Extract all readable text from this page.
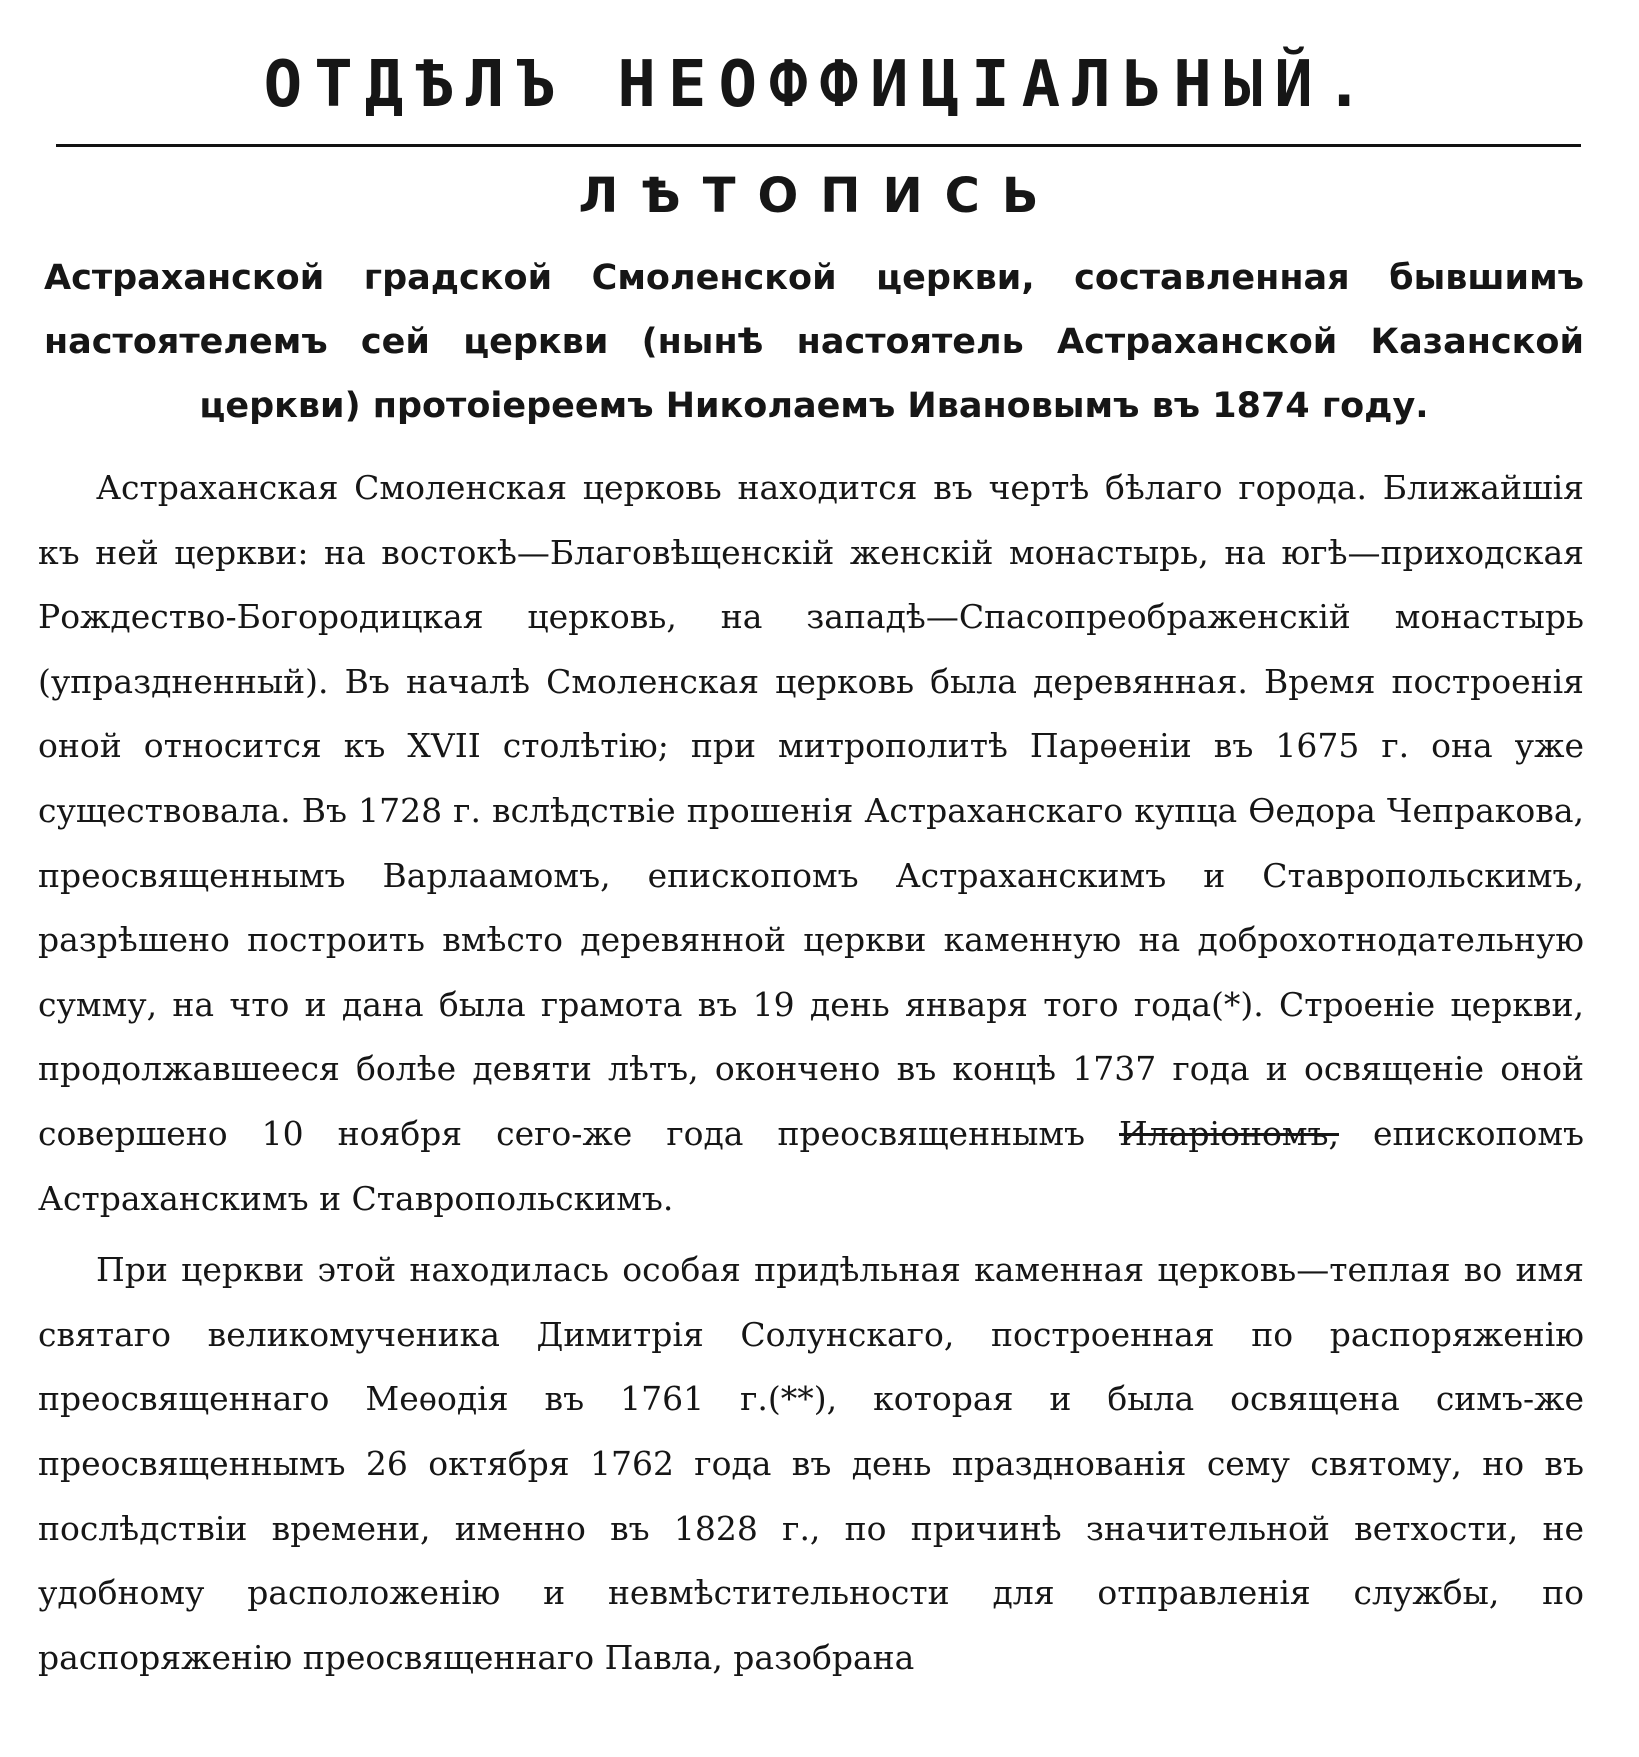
ОТДѢЛЪ НЕОФФИЦІАЛЬНЫЙ.
ЛѢТОПИСЬ

Астраханской градской Смоленской церкви, составленная бывшимъ настоятелемъ сей церкви (нынѣ настоятель Астраханской Казанской церкви) протоіереемъ Николаемъ Ивановымъ въ 1874 году.

Астраханская Смоленская церковь находится въ чертѣ бѣлаго города. Ближайшія къ ней церкви: на востокѣ—Благовѣщенскій женскій монастырь, на югѣ—приходская Рождество-Богородицкая церковь, на западѣ—Спасопреображенскій монастырь (упраздненный). Въ началѣ Смоленская церковь была деревянная. Время построенія оной относится къ XVII столѣтію; при митрополитѣ Парѳеніи въ 1675 г. она уже существовала. Въ 1728 г. вслѣдствіе прошенія Астраханскаго купца Ѳедора Чепракова, преосвященнымъ Варлаамомъ, епископомъ Астраханскимъ и Ставропольскимъ, разрѣшено построить вмѣсто деревянной церкви каменную на доброхотнодательную сумму, на что и дана была грамота въ 19 день января того года(*). Строеніе церкви, продолжавшееся болѣе девяти лѣтъ, окончено въ концѣ 1737 года и освященіе оной совершено 10 ноября сего-же года преосвященнымъ Иларіономъ, епископомъ Астраханскимъ и Ставропольскимъ.

При церкви этой находилась особая придѣльная каменная церковь—теплая во имя святаго великомученика Димитрія Солунскаго, построенная по распоряженію преосвященнаго Меѳодія въ 1761 г.(**), которая и была освящена симъ-же преосвященнымъ 26 октября 1762 года въ день празднованія сему святому, но въ послѣдствіи времени, именно въ 1828 г., по причинѣ значительной ветхости, не удобному расположенію и невмѣстительности для отправленія службы, по распоряженію преосвященнаго Павла, разобрана
